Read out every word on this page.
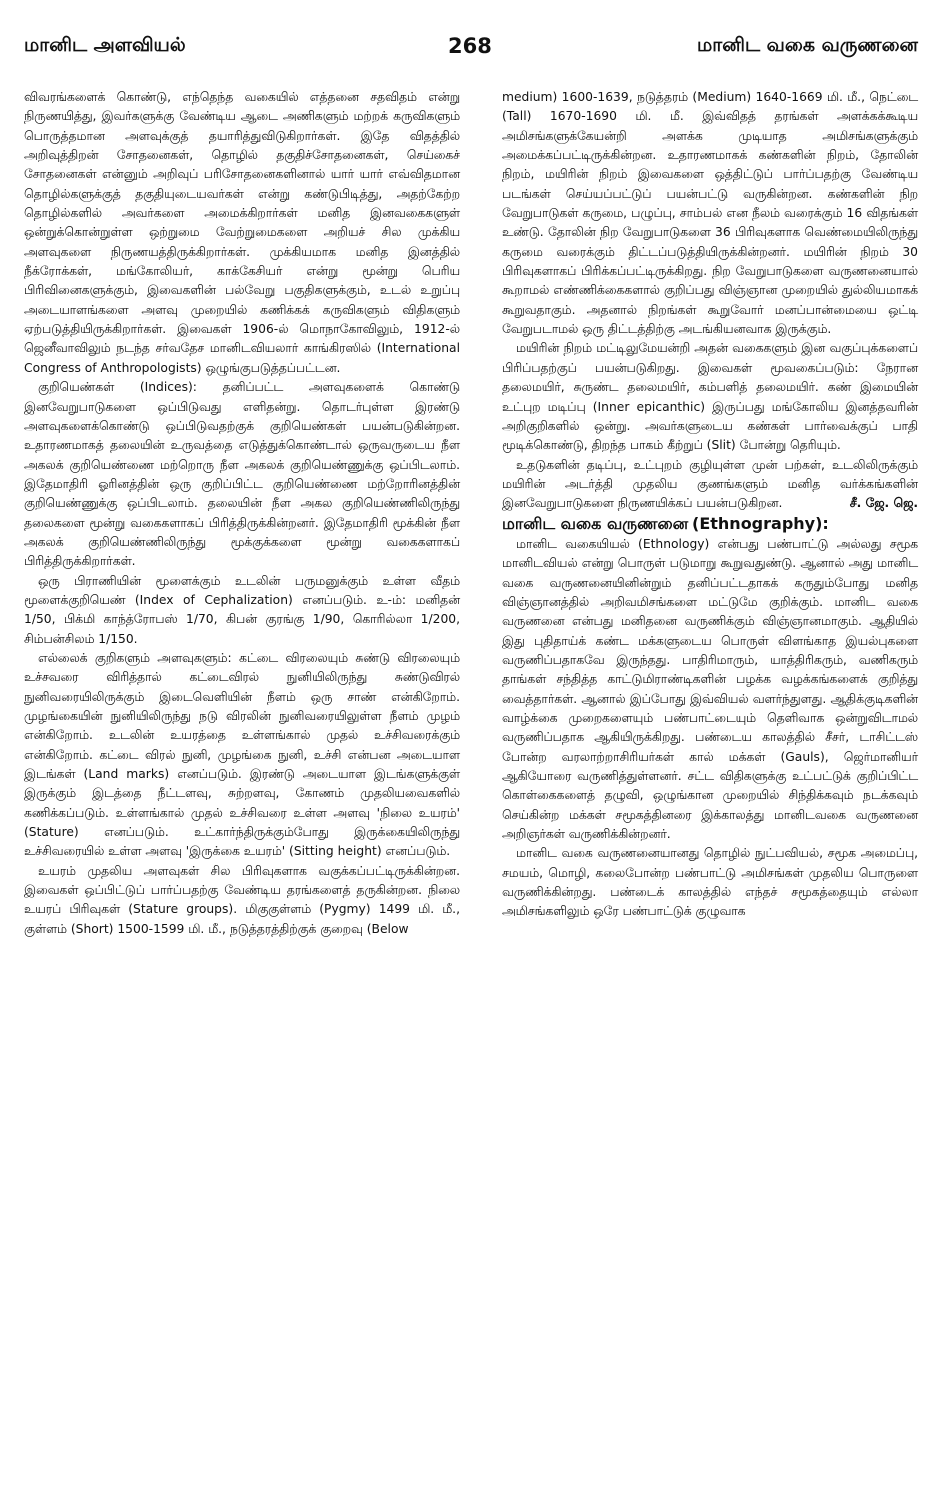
மானிட அளவியல்	268	மானிட வகை வருணனை

விவரங்களைக் கொண்டு, எந்தெந்த வகையில் எத்தனை சதவிதம் என்று நிருணயித்து, இவர்களுக்கு வேண்டிய ஆடை அணிகளும் மற்றக் கருவிகளும் பொருத்தமான அளவுக்குத் தயாரித்துவிடுகிறார்கள். இதே விதத்தில் அறிவுத்திறன் சோதனைகள், தொழில் தகுதிச்சோதனைகள், செய்கைச் சோதனைகள் என்னும் அறிவுப் பரிசோதனைகளினால் யார் யார் எவ்விதமான தொழில்களுக்குத் தகுதியுடையவர்கள் என்று கண்டுபிடித்து, அதற்கேற்ற தொழில்களில் அவர்களை அமைக்கிறார்கள் மனித இனவகைகளுள் ஒன்றுக்கொன்றுள்ள ஒற்றுமை வேற்றுமைகளை அறியச் சில முக்கிய அளவுகளை நிருணயத்திருக்கிறார்கள். முக்கியமாக மனித இனத்தில் நீக்ரோக்கள், மங்கோலியர், காக்கேசியர் என்று மூன்று பெரிய பிரிவினைகளுக்கும், இவைகளின் பல்வேறு பகுதிகளுக்கும், உடல் உறுப்பு அடையாளங்களை அளவு முறையில் கணிக்கக் கருவிகளும் விதிகளும் ஏற்படுத்தியிருக்கிறார்கள். இவைகள் 1906-ல் மொநாகோவிலும், 1912-ல் ஜெனீவாவிலும் நடந்த சர்வதேச மானிடவியலார் காங்கிரஸில் (International Congress of Anthropologists) ஒழுங்குபடுத்தப்பட்டன.

குறியெண்கள் (Indices): தனிப்பட்ட அளவுகளைக் கொண்டு இனவேறுபாடுகளை ஒப்பிடுவது எளிதன்று. தொடர்புள்ள இரண்டு அளவுகளைக்கொண்டு ஒப்பிடுவதற்குக் குறியெண்கள் பயன்படுகின்றன. உதாரணமாகத் தலையின் உருவத்தை எடுத்துக்கொண்டால் ஒருவருடைய நீள அகலக் குறியெண்ணை மற்றொரு நீள அகலக் குறியெண்ணுக்கு ஒப்பிடலாம். இதேமாதிரி ஓரினத்தின் ஒரு குறிப்பிட்ட குறியெண்ணை மற்றோரினத்தின் குறியெண்ணுக்கு ஒப்பிடலாம். தலையின் நீள அகல குறியெண்ணிலிருந்து தலைகளை மூன்று வகைகளாகப் பிரித்திருக்கின்றனர். இதேமாதிரி மூக்கின் நீள அகலக் குறியெண்ணிலிருந்து மூக்குக்களை மூன்று வகைகளாகப் பிரித்திருக்கிறார்கள்.

ஒரு பிராணியின் மூளைக்கும் உடலின் பருமனுக்கும் உள்ள வீதம் மூளைக்குறியெண் (Index of Cephalization) எனப்படும். உ-ம்: மனிதன் 1/50, பிக்மி காந்த்ரோபஸ் 1/70, கிபன் குரங்கு 1/90, கொரில்லா 1/200, சிம்பன்சிலம் 1/150.

எல்லைக் குறிகளும் அளவுகளும்: கட்டை விரலையும் சுண்டு விரலையும் உச்சவரை விரித்தால் கட்டைவிரல் நுனியிலிருந்து சுண்டுவிரல் நுனிவரையிலிருக்கும் இடைவெளியின் நீளம் ஒரு சாண் என்கிறோம். முழங்கையின் நுனியிலிருந்து நடு விரலின் நுனிவரையிலுள்ள நீளம் முழம் என்கிறோம். உடலின் உயரத்தை உள்ளங்கால் முதல் உச்சிவரைக்கும் என்கிறோம். கட்டை விரல் நுனி, முழங்கை நுனி, உச்சி என்பன அடையாள இடங்கள் (Land marks) எனப்படும். இரண்டு அடையாள இடங்களுக்குள் இருக்கும் இடத்தை நீட்டளவு, சுற்றளவு, கோணம் முதலியவைகளில் கணிக்கப்படும். உள்ளங்கால் முதல் உச்சிவரை உள்ள அளவு 'நிலை உயரம்' (Stature) எனப்படும். உட்கார்ந்திருக்கும்போது இருக்கையிலிருந்து உச்சிவரையில் உள்ள அளவு 'இருக்கை உயரம்' (Sitting height) எனப்படும்.

உயரம் முதலிய அளவுகள் சில பிரிவுகளாக வகுக்கப்பட்டிருக்கின்றன. இவைகள் ஒப்பிட்டுப் பார்ப்பதற்கு வேண்டிய தரங்களைத் தருகின்றன. நிலை உயரப் பிரிவுகள் (Stature groups). மிகுகுள்ளம் (Pygmy) 1499 மி. மீ., குள்ளம் (Short) 1500-1599 மி. மீ., நடுத்தரத்திற்குக் குறைவு (Below

medium) 1600-1639, நடுத்தரம் (Medium) 1640-1669 மி. மீ., நெட்டை (Tall) 1670-1690 மி. மீ. இவ்விதத் தரங்கள் அளக்கக்கூடிய அமிசங்களுக்கேயன்றி அளக்க முடியாத அமிசங்களுக்கும் அமைக்கப்பட்டிருக்கின்றன. உதாரணமாகக் கண்களின் நிறம், தோலின் நிறம், மயிரின் நிறம் இவைகளை ஒத்திட்டுப் பார்ப்பதற்கு வேண்டிய படங்கள் செய்யப்பட்டுப் பயன்பட்டு வருகின்றன. கண்களின் நிற வேறுபாடுகள் கருமை, பழுப்பு, சாம்பல் என நீலம் வரைக்கும் 16 விதங்கள் உண்டு. தோலின் நிற வேறுபாடுகளை 36 பிரிவுகளாக வெண்மையிலிருந்து கருமை வரைக்கும் திட்டப்படுத்தியிருக்கின்றனர். மயிரின் நிறம் 30 பிரிவுகளாகப் பிரிக்கப்பட்டிருக்கிறது. நிற வேறுபாடுகளை வருணனையால் கூறாமல் எண்ணிக்கைகளால் குறிப்பது விஞ்ஞான முறையில் துல்லியமாகக் கூறுவதாகும். அதனால் நிறங்கள் கூறுவோர் மனப்பான்மையை ஒட்டி வேறுபடாமல் ஒரு திட்டத்திற்கு அடங்கியனவாக இருக்கும்.

மயிரின் நிறம் மட்டிலுமேயன்றி அதன் வகைகளும் இன வகுப்புக்களைப் பிரிப்பதற்குப் பயன்படுகிறது. இவைகள் மூவகைப்படும்: நேரான தலைமயிர், சுருண்ட தலைமயிர், கம்பளித் தலைமயிர். கண் இமையின் உட்புற மடிப்பு (Inner epicanthic) இருப்பது மங்கோலிய இனத்தவரின் அறிகுறிகளில் ஒன்று. அவர்களுடைய கண்கள் பார்வைக்குப் பாதி மூடிக்கொண்டு, திறந்த பாகம் கீற்றுப் (Slit) போன்று தெரியும்.

உதடுகளின் தடிப்பு, உட்புறம் குழியுள்ள முன் பற்கள், உடலிலிருக்கும் மயிரின் அடர்த்தி முதலிய குணங்களும் மனித வர்க்கங்களின் இனவேறுபாடுகளை நிருணயிக்கப் பயன்படுகிறன.	சீ. ஜே. ஜெ.

மானிட வகை வருணனை (Ethnography):

மானிட வகையியல் (Ethnology) என்பது பண்பாட்டு அல்லது சமூக மானிடவியல் என்று பொருள் படுமாறு கூறுவதுண்டு. ஆனால் அது மானிட வகை வருணனையினின்றும் தனிப்பட்டதாகக் கருதும்போது மனித விஞ்ஞானத்தில் அறிவமிசங்களை மட்டுமே குறிக்கும். மானிட வகை வருணனை என்பது மனிதனை வருணிக்கும் விஞ்ஞானமாகும். ஆதியில் இது புதிதாய்க் கண்ட மக்களுடைய பொருள் விளங்காத இயல்புகளை வருணிப்பதாகவே இருந்தது. பாதிரிமாரும், யாத்திரிகரும், வணிகரும் தாங்கள் சந்தித்த காட்டுமிராண்டிகளின் பழக்க வழக்கங்களைக் குறித்து வைத்தார்கள். ஆனால் இப்போது இவ்வியல் வளர்ந்துளது. ஆதிக்குடிகளின் வாழ்க்கை முறைகளையும் பண்பாட்டையும் தெளிவாக ஒன்றுவிடாமல் வருணிப்பதாக ஆகியிருக்கிறது. பண்டைய காலத்தில் சீசர், டாசிட்டஸ் போன்ற வரலாற்றாசிரியர்கள் கால் மக்கள் (Gauls), ஜெர்மானியர் ஆகியோரை வருணித்துள்ளனர். சட்ட விதிகளுக்கு உட்பட்டுக் குறிப்பிட்ட கொள்கைகளைத் தழுவி, ஒழுங்கான முறையில் சிந்திக்கவும் நடக்கவும் செய்கின்ற மக்கள் சமூகத்தினரை இக்காலத்து மானிடவகை வருணனை அறிஞர்கள் வருணிக்கின்றனர்.

மானிட வகை வருணனையானது தொழில் நுட்பவியல், சமூக அமைப்பு, சமயம், மொழி, கலைபோன்ற பண்பாட்டு அமிசங்கள் முதலிய பொருளை வருணிக்கின்றது. பண்டைக் காலத்தில் எந்தச் சமூகத்தையும் எல்லா அமிசங்களிலும் ஒரே பண்பாட்டுக் குழுவாக
